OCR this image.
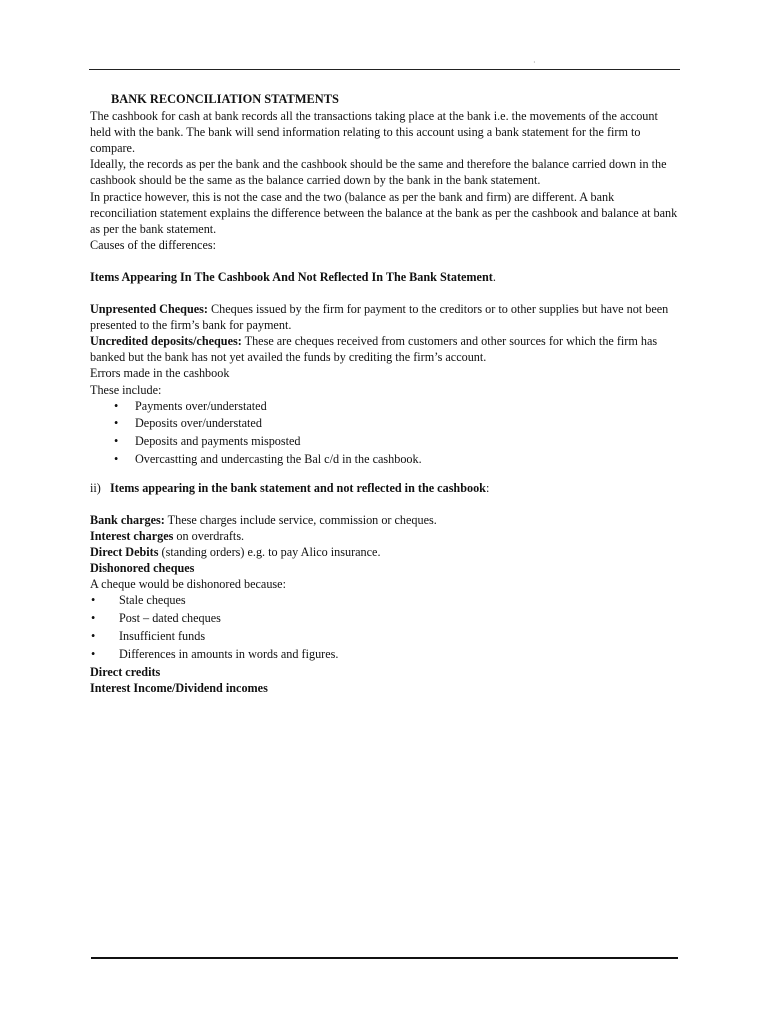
·

BANK RECONCILIATION STATMENTS

The cashbook for cash at bank records all the transactions taking place at the bank i.e. the movements of the account held with the bank. The bank will send information relating to this account using a bank statement for the firm to compare.

Ideally, the records as per the bank and the cashbook should be the same and therefore the balance carried down in the cashbook should be the same as the balance carried down by the bank in the bank statement.

In practice however, this is not the case and the two (balance as per the bank and firm) are different. A bank reconciliation statement explains the difference between the balance at the bank as per the cashbook and balance at bank as per the bank statement.

Causes of the differences:

Items Appearing In The Cashbook And Not Reflected In The Bank Statement.

Unpresented Cheques: Cheques issued by the firm for payment to the creditors or to other supplies but have not been presented to the firm’s bank for payment.

Uncredited deposits/cheques: These are cheques received from customers and other sources for which the firm has banked but the bank has not yet availed the funds by crediting the firm’s account.

Errors made in the cashbook

These include:

• Payments over/understated
• Deposits over/understated
• Deposits and payments misposted
• Overcastting and undercasting the Bal c/d in the cashbook.

ii) Items appearing in the bank statement and not reflected in the cashbook:

Bank charges: These charges include service, commission or cheques.

Interest charges on overdrafts.

Direct Debits (standing orders) e.g. to pay Alico insurance.

Dishonored cheques

A cheque would be dishonored because:

• Stale cheques
• Post – dated cheques
• Insufficient funds
• Differences in amounts in words and figures.

Direct credits

Interest Income/Dividend incomes
